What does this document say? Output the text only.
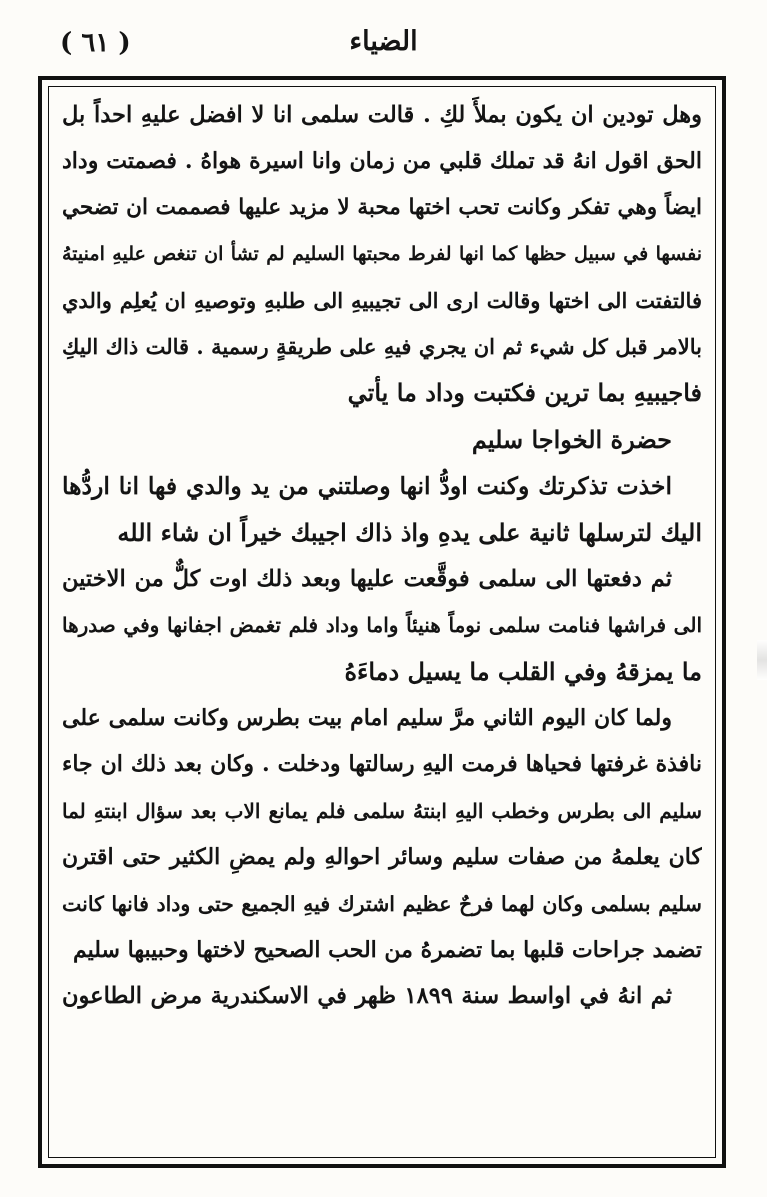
( ٦١ )	الضياء
وهل تودين ان يكون بملأَ لكِ . قالت سلمى انا لا افضل عليهِ احداً بل
الحق اقول انهُ قد تملك قلبي من زمان وانا اسيرة هواهُ . فصمتت وداد
ايضاً وهي تفكر وكانت تحب اختها محبة لا مزيد عليها فصممت ان تضحي
نفسها في سبيل حظها كما انها لفرط محبتها السليم لم تشأ ان تنغص عليهِ امنيتهُ
فالتفتت الى اختها وقالت ارى الى تجيبيهِ الى طلبهِ وتوصيهِ ان يُعلِم والدي
بالامر قبل كل شيء ثم ان يجري فيهِ على طريقةٍ رسمية . قالت ذاك اليكِ
فاجيبيهِ بما ترين فكتبت وداد ما يأتي
حضرة الخواجا سليم
اخذت تذكرتك وكنت اودُّ انها وصلتني من يد والدي فها انا اردُّها
اليك لترسلها ثانية على يدهِ واذ ذاك اجيبك خيراً ان شاء الله
ثم دفعتها الى سلمى فوقَّعت عليها وبعد ذلك اوت كلٌّ من الاختين
الى فراشها فنامت سلمى نوماً هنيئاً واما وداد فلم تغمض اجفانها وفي صدرها
ما يمزقهُ وفي القلب ما يسيل دماءَهُ
ولما كان اليوم الثاني مرَّ سليم امام بيت بطرس وكانت سلمى على
نافذة غرفتها فحياها فرمت اليهِ رسالتها ودخلت . وكان بعد ذلك ان جاء
سليم الى بطرس وخطب اليهِ ابنتهُ سلمى فلم يمانع الاب بعد سؤال ابنتهِ لما
كان يعلمهُ من صفات سليم وسائر احوالهِ ولم يمضِ الكثير حتى اقترن
سليم بسلمى وكان لهما فرحٌ عظيم اشترك فيهِ الجميع حتى وداد فانها كانت
تضمد جراحات قلبها بما تضمرهُ من الحب الصحيح لاختها وحبيبها سليم
ثم انهُ في اواسط سنة ١٨٩٩ ظهر في الاسكندرية مرض الطاعون
